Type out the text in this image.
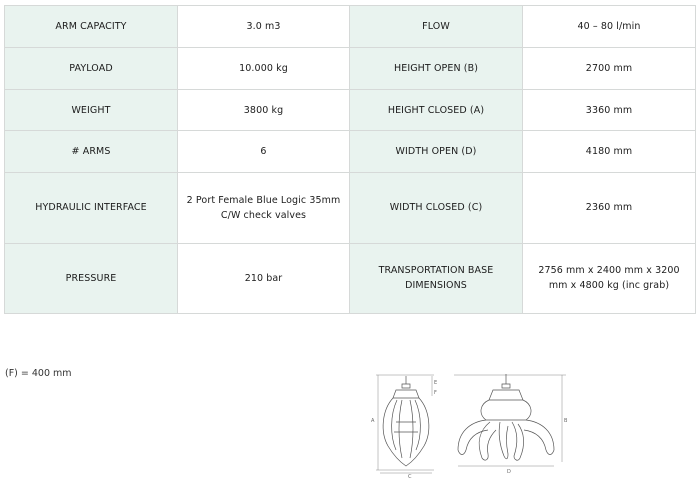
ARM CAPACITY	3.0 m3	FLOW	40 – 80 l/min
PAYLOAD	10.000 kg	HEIGHT OPEN (B)	2700 mm
WEIGHT	3800 kg	HEIGHT CLOSED (A)	3360 mm
# ARMS	6	WIDTH OPEN (D)	4180 mm
HYDRAULIC INTERFACE	2 Port Female Blue Logic 35mm C/W check valves	WIDTH CLOSED (C)	2360 mm
PRESSURE	210 bar	TRANSPORTATION BASE DIMENSIONS	2756 mm x 2400 mm x 3200 mm x 4800 kg (inc grab)
(F) = 400 mm
A
E
F
C
B
D
